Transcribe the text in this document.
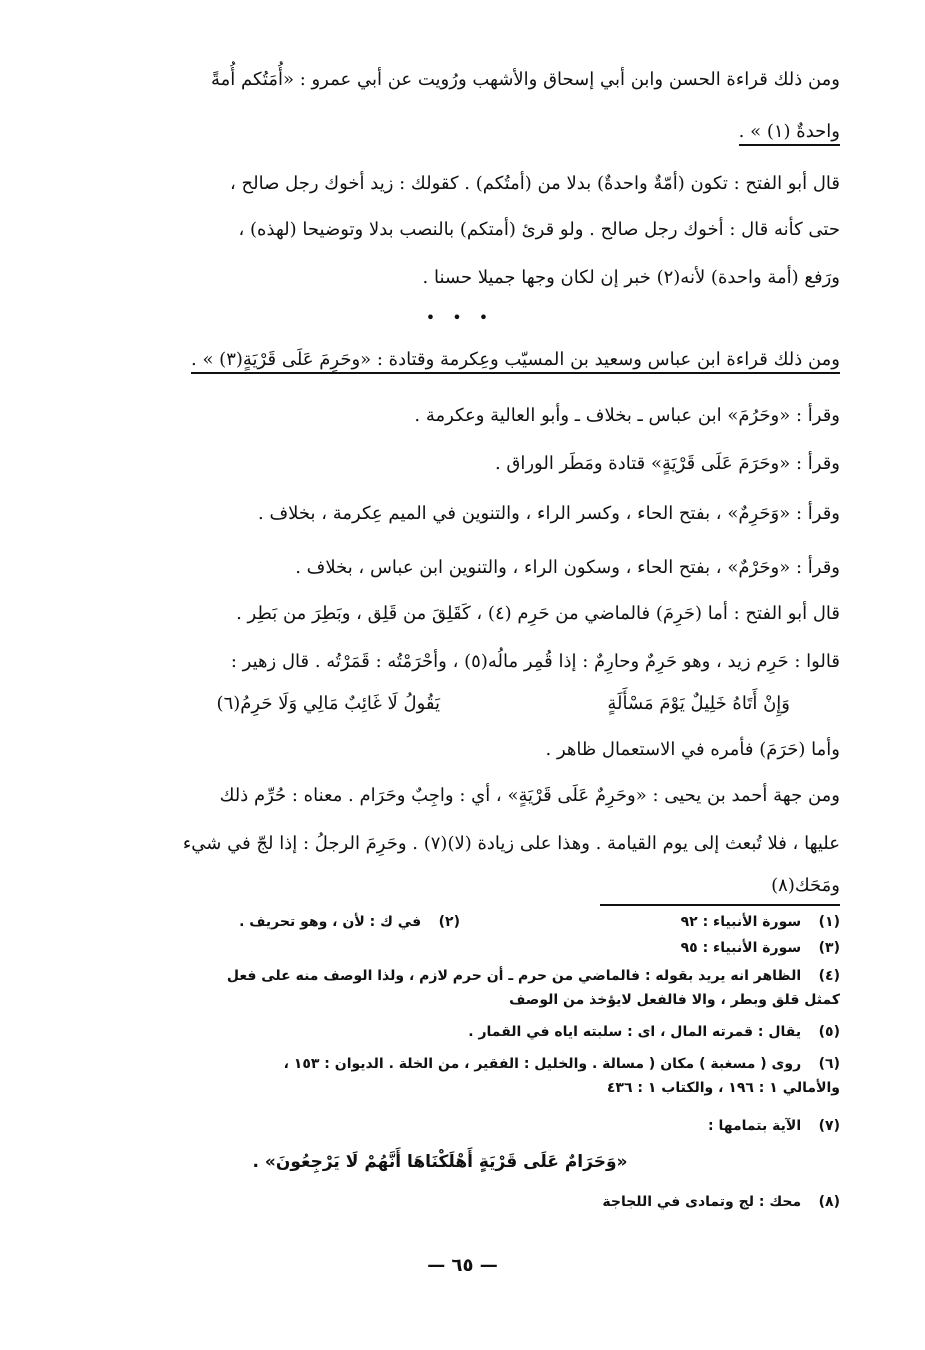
ومن ذلك قراءة الحسن وابن أبي إسحاق والأشهب ورُويت عن أبي عمرو : «أُمَتُكم أُمةً
واحدةٌ (١) » .
قال أبو الفتح : تكون (أمّةٌ واحدةٌ) بدلا من (أمتُكم) . كقولك : زيد أخوك رجل صالح ،
حتى كأنه قال : أخوك رجل صالح . ولو قرئ (أمتكم) بالنصب بدلا وتوضيحا (لهذه) ،
ورَفع (أمة واحدة) لأنه(٢) خبر إن لكان وجها جميلا حسنا .
• • •
ومن ذلك قراءة ابن عباس وسعيد بن المسيّب وعِكرمة وقتادة : «وحَرِمَ عَلَى قَرْيَةٍ(٣) » .
وقرأ : «وحَرُمَ» ابن عباس ـ بخلاف ـ وأبو العالية وعكرمة .
وقرأ : «وحَرَمَ عَلَى قَرْيَةٍ» قتادة ومَطَر الوراق .
وقرأ : «وَحَرِمٌ» ، بفتح الحاء ، وكسر الراء ، والتنوين في الميم عِكرمة ، بخلاف .
وقرأ : «وحَرْمٌ» ، بفتح الحاء ، وسكون الراء ، والتنوين ابن عباس ، بخلاف .
قال أبو الفتح : أما (حَرِمَ) فالماضي من حَرِم (٤) ، كَقَلِقَ من قَلِق ، وبَطِرَ من بَطِر .
قالوا : حَرِم زيد ، وهو حَرِمٌ وحارِمٌ : إذا قُمِر مالُه(٥) ، وأحْرَمْتُه : قَمَرْتُه . قال زهير :
وَإِنْ أَتَاهُ خَلِيلٌ يَوْمَ مَسْأَلَةٍ
يَقُولُ لَا غَائِبٌ مَالِي وَلَا حَرِمُ(٦)
وأما (حَرَمَ) فأمره في الاستعمال ظاهر .
ومن جهة أحمد بن يحيى : «وحَرِمٌ عَلَى قَرْيَةٍ» ، أي : واجِبٌ وحَرَام . معناه : حُرِّم ذلك
عليها ، فلا تُبعث إلى يوم القيامة . وهذا على زيادة (لا)(٧) . وحَرِمَ الرجلُ : إذا لجّ في شيء
ومَحَك(٨)
(١) سورة الأنبياء : ٩٢
(٢) في ك : لأن ، وهو تحريف .
(٣) سورة الأنبياء : ٩٥
(٤) الظاهر انه يريد بقوله : فالماضي من حرم ـ أن حرم لازم ، ولذا الوصف منه على فعل
كمثل قلق وبطر ، والا فالفعل لايؤخذ من الوصف
(٥) يقال : قمرته المال ، اى : سلبته اياه في القمار .
(٦) روى ( مسغبة ) مكان ( مسالة . والخليل : الفقير ، من الخلة . الديوان : ١٥٣ ،
والأمالي ١ : ١٩٦ ، والكتاب ١ : ٤٣٦
(٧) الآية بتمامها :
«وَحَرَامٌ عَلَى قَرْيَةٍ أَهْلَكْنَاهَا أَنَّهُمْ لَا يَرْجِعُونَ» .
(٨) محك : لج وتمادى في اللجاجة
— ٦٥ —
